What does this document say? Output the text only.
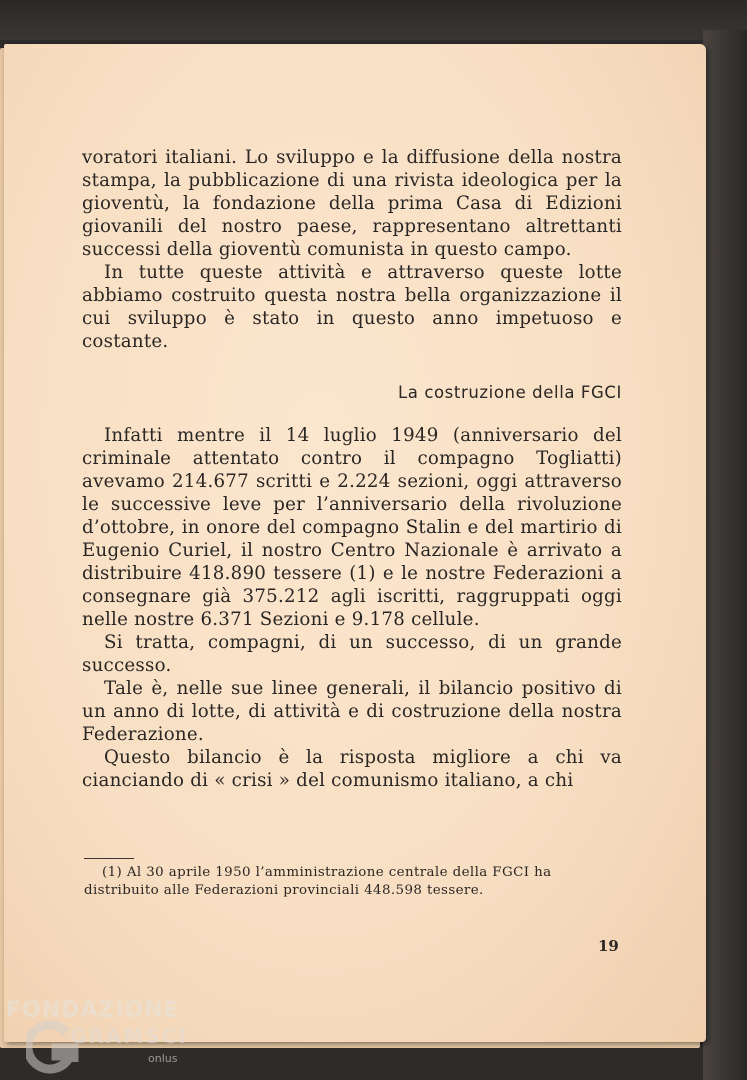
voratori italiani. Lo sviluppo e la diffusione della nostra stampa, la pubblicazione di una rivista ideologica per la gioventù, la fondazione della prima Casa di Edizioni giovanili del nostro paese, rappresentano altrettanti successi della gioventù comunista in questo campo.

In tutte queste attività e attraverso queste lotte abbiamo costruito questa nostra bella organizzazione il cui sviluppo è stato in questo anno impetuoso e costante.

La costruzione della FGCI

Infatti mentre il 14 luglio 1949 (anniversario del criminale attentato contro il compagno Togliatti) avevamo 214.677 scritti e 2.224 sezioni, oggi attraverso le successive leve per l’anniversario della rivoluzione d’ottobre, in onore del compagno Stalin e del martirio di Eugenio Curiel, il nostro Centro Nazionale è arrivato a distribuire 418.890 tessere (1) e le nostre Federazioni a consegnare già 375.212 agli iscritti, raggruppati oggi nelle nostre 6.371 Sezioni e 9.178 cellule.

Si tratta, compagni, di un successo, di un grande successo.

Tale è, nelle sue linee generali, il bilancio positivo di un anno di lotte, di attività e di costruzione della nostra Federazione.

Questo bilancio è la risposta migliore a chi va cianciando di « crisi » del comunismo italiano, a chi

(1) Al 30 aprile 1950 l’amministrazione centrale della FGCI ha distribuito alle Federazioni provinciali 448.598 tessere.

19
FONDAZIONE
GRAMSCI
onlus
